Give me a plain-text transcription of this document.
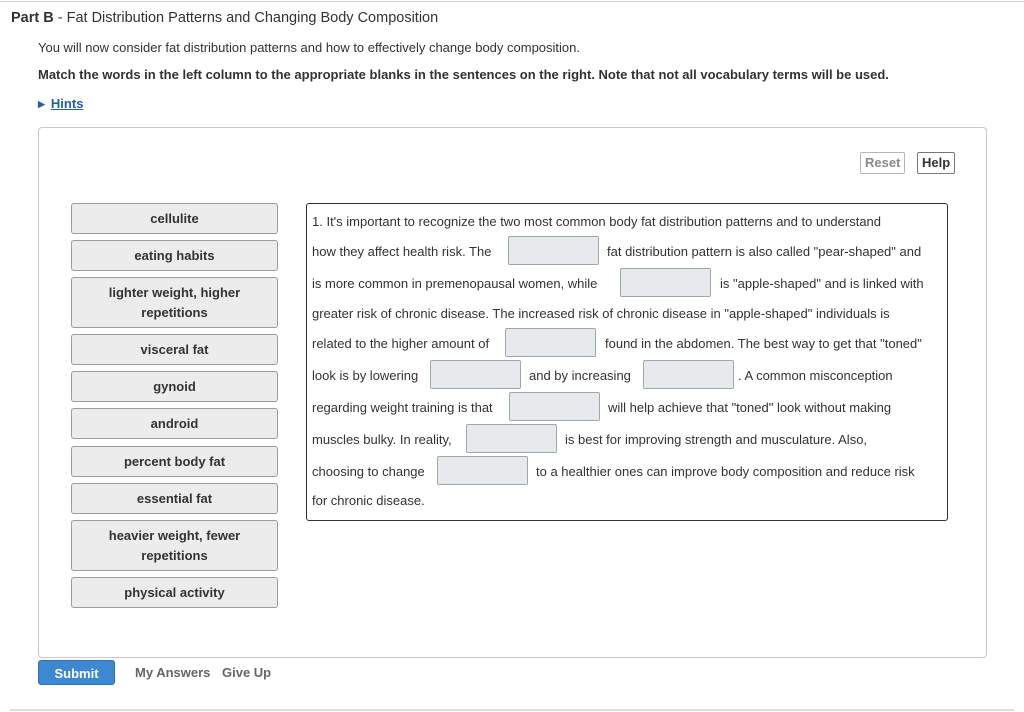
Part B - Fat Distribution Patterns and Changing Body Composition
You will now consider fat distribution patterns and how to effectively change body composition.
Match the words in the left column to the appropriate blanks in the sentences on the right. Note that not all vocabulary terms will be used.
▶ Hints
Reset	Help
cellulite
eating habits
lighter weight, higher repetitions
visceral fat
gynoid
android
percent body fat
essential fat
heavier weight, fewer repetitions
physical activity
1. It's important to recognize the two most common body fat distribution patterns and to understand
how they affect health risk. The	fat distribution pattern is also called "pear-shaped" and
is more common in premenopausal women, while	is "apple-shaped" and is linked with
greater risk of chronic disease. The increased risk of chronic disease in "apple-shaped" individuals is
related to the higher amount of	found in the abdomen. The best way to get that "toned"
look is by lowering	and by increasing	. A common misconception
regarding weight training is that	will help achieve that "toned" look without making
muscles bulky. In reality,	is best for improving strength and musculature. Also,
choosing to change	to a healthier ones can improve body composition and reduce risk
for chronic disease.
Submit	My Answers Give Up
